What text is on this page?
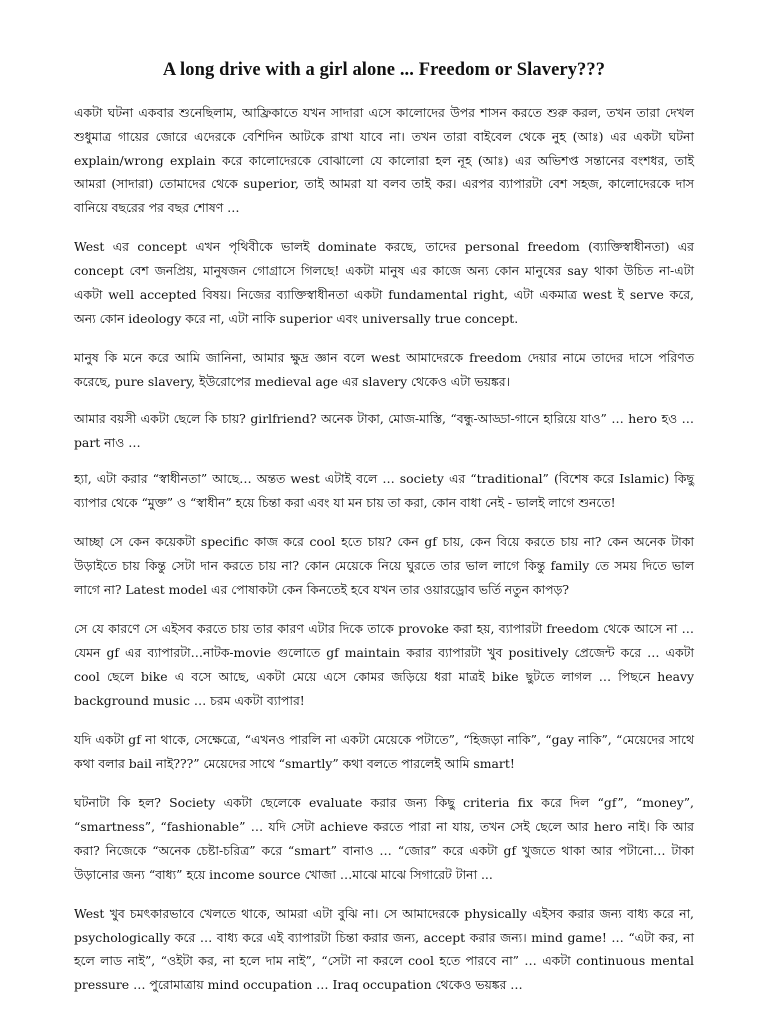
A long drive with a girl alone ... Freedom or Slavery???

একটা ঘটনা একবার শুনেছিলাম, আফ্রিকাতে যখন সাদারা এসে কালোদের উপর শাসন করতে শুরু করল, তখন তারা দেখল শুধুমাত্র গায়ের জোরে এদেরকে বেশিদিন আটকে রাখা যাবে না। তখন তারা বাইবেল থেকে নুহ (আঃ) এর একটা ঘটনা explain/wrong explain করে কালোদেরকে বোঝালো যে কালোরা হল নূহ (আঃ) এর অভিশপ্ত সন্তানের বংশধর, তাই আমরা (সাদারা) তোমাদের থেকে superior, তাই আমরা যা বলব তাই কর। এরপর ব্যাপারটা বেশ সহজ, কালোদেরকে দাস বানিয়ে বছরের পর বছর শোষণ …

West এর concept এখন পৃথিবীকে ভালই dominate করছে, তাদের personal freedom (ব্যাক্তিস্বাধীনতা) এর concept বেশ জনপ্রিয়, মানুষজন গোগ্রাসে গিলছে! একটা মানুষ এর কাজে অন্য কোন মানুষের say থাকা উচিত না-এটা একটা well accepted বিষয়। নিজের ব্যাক্তিস্বাধীনতা একটা fundamental right, এটা একমাত্র west ই serve করে, অন্য কোন ideology করে না, এটা নাকি superior এবং universally true concept.

মানুষ কি মনে করে আমি জানিনা, আমার ক্ষুদ্র জ্ঞান বলে west আমাদেরকে freedom দেয়ার নামে তাদের দাসে পরিণত করেছে, pure slavery, ইউরোপের medieval age এর slavery থেকেও এটা ভয়ঙ্কর।

আমার বয়সী একটা ছেলে কি চায়? girlfriend? অনেক টাকা, মোজ-মাস্তি, “বন্ধু-আড্ডা-গানে হারিয়ে যাও” … hero হও … part নাও …

হ্যা, এটা করার “স্বাধীনতা” আছে… অন্তত west এটাই বলে … society এর “traditional” (বিশেষ করে Islamic) কিছু ব্যাপার থেকে “মুক্ত” ও “স্বাধীন” হয়ে চিন্তা করা এবং যা মন চায় তা করা, কোন বাধা নেই - ভালই লাগে শুনতে!

আচ্ছা সে কেন কয়েকটা specific কাজ করে cool হতে চায়? কেন gf চায়, কেন বিয়ে করতে চায় না? কেন অনেক টাকা উড়াইতে চায় কিন্তু সেটা দান করতে চায় না? কোন মেয়েকে নিয়ে ঘুরতে তার ভাল লাগে কিন্তু family তে সময় দিতে ভাল লাগে না? Latest model এর পোষাকটা কেন কিনতেই হবে যখন তার ওয়ারড্রোব ভর্তি নতুন কাপড়?

সে যে কারণে সে এইসব করতে চায় তার কারণ এটার দিকে তাকে provoke করা হয়, ব্যাপারটা freedom থেকে আসে না … যেমন gf এর ব্যাপারটা…নাটক-movie গুলোতে gf maintain করার ব্যাপারটা খুব positively প্রেজেন্ট করে … একটা cool ছেলে bike এ বসে আছে, একটা মেয়ে এসে কোমর জড়িয়ে ধরা মাত্রই bike ছুটতে লাগল … পিছনে heavy background music … চরম একটা ব্যাপার!

যদি একটা gf না থাকে, সেক্ষেত্রে, “এখনও পারলি না একটা মেয়েকে পটাতে”, “হিজড়া নাকি”, “gay নাকি”, “মেয়েদের সাথে কথা বলার bail নাই???” মেয়েদের সাথে “smartly” কথা বলতে পারলেই আমি smart!

ঘটনাটা কি হল? Society একটা ছেলেকে evaluate করার জন্য কিছু criteria fix করে দিল “gf”, “money”, “smartness”, “fashionable” … যদি সেটা achieve করতে পারা না যায়, তখন সেই ছেলে আর hero নাই। কি আর করা? নিজেকে “অনেক চেষ্টা-চরিত্র” করে “smart” বানাও … “জোর” করে একটা gf খুজতে থাকা আর পটানো… টাকা উড়ানোর জন্য “বাধ্য” হয়ে income source খোজা …মাঝে মাঝে সিগারেট টানা ...

West খুব চমৎকারভাবে খেলতে থাকে, আমরা এটা বুঝি না। সে আমাদেরকে physically এইসব করার জন্য বাধ্য করে না, psychologically করে … বাধ্য করে এই ব্যাপারটা চিন্তা করার জন্য, accept করার জন্য। mind game! … “এটা কর, না হলে লাড নাই”, “ওইটা কর, না হলে দাম নাই”, “সেটা না করলে cool হতে পারবে না” … একটা continuous mental pressure … পুরোমাত্রায় mind occupation … Iraq occupation থেকেও ভয়ঙ্কর …
